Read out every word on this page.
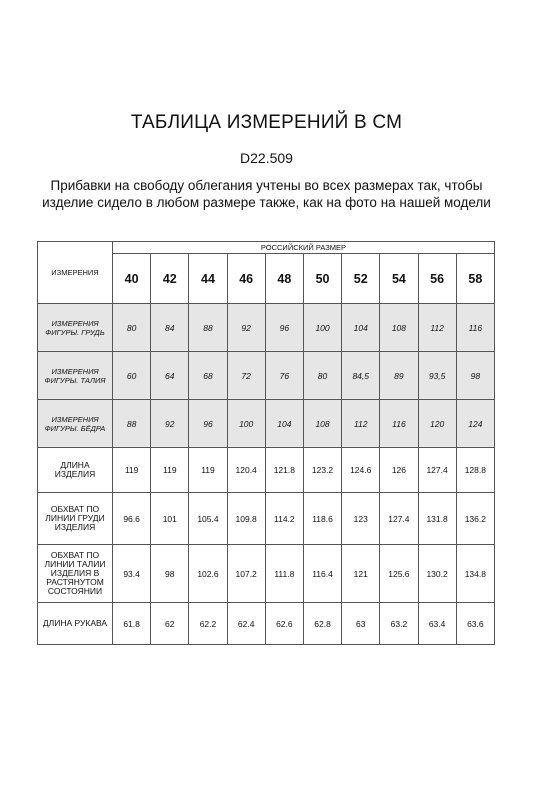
ТАБЛИЦА ИЗМЕРЕНИЙ В СМ
D22.509
Прибавки на свободу облегания учтены во всех размерах так, чтобы
изделие сидело в любом размере также, как на фото на нашей модели
ИЗМЕРЕНИЯ	РОССИЙСКИЙ РАЗМЕР									
	40	42	44	46	48	50	52	54	56	58
ИЗМЕРЕНИЯ ФИГУРЫ. ГРУДЬ	80	84	88	92	96	100	104	108	112	116
ИЗМЕРЕНИЯ ФИГУРЫ. ТАЛИЯ	60	64	68	72	76	80	84,5	89	93,5	98
ИЗМЕРЕНИЯ ФИГУРЫ. БЁДРА	88	92	96	100	104	108	112	116	120	124
ДЛИНА ИЗДЕЛИЯ	119	119	119	120.4	121.8	123.2	124.6	126	127.4	128.8
ОБХВАТ ПО ЛИНИИ ГРУДИ ИЗДЕЛИЯ	96.6	101	105.4	109.8	114.2	118.6	123	127.4	131.8	136.2
ОБХВАТ ПО ЛИНИИ ТАЛИИ ИЗДЕЛИЯ В РАСТЯНУТОМ СОСТОЯНИИ	93.4	98	102.6	107.2	111.8	116.4	121	125.6	130.2	134.8
ДЛИНА РУКАВА	61.8	62	62.2	62.4	62.6	62.8	63	63.2	63.4	63.6
